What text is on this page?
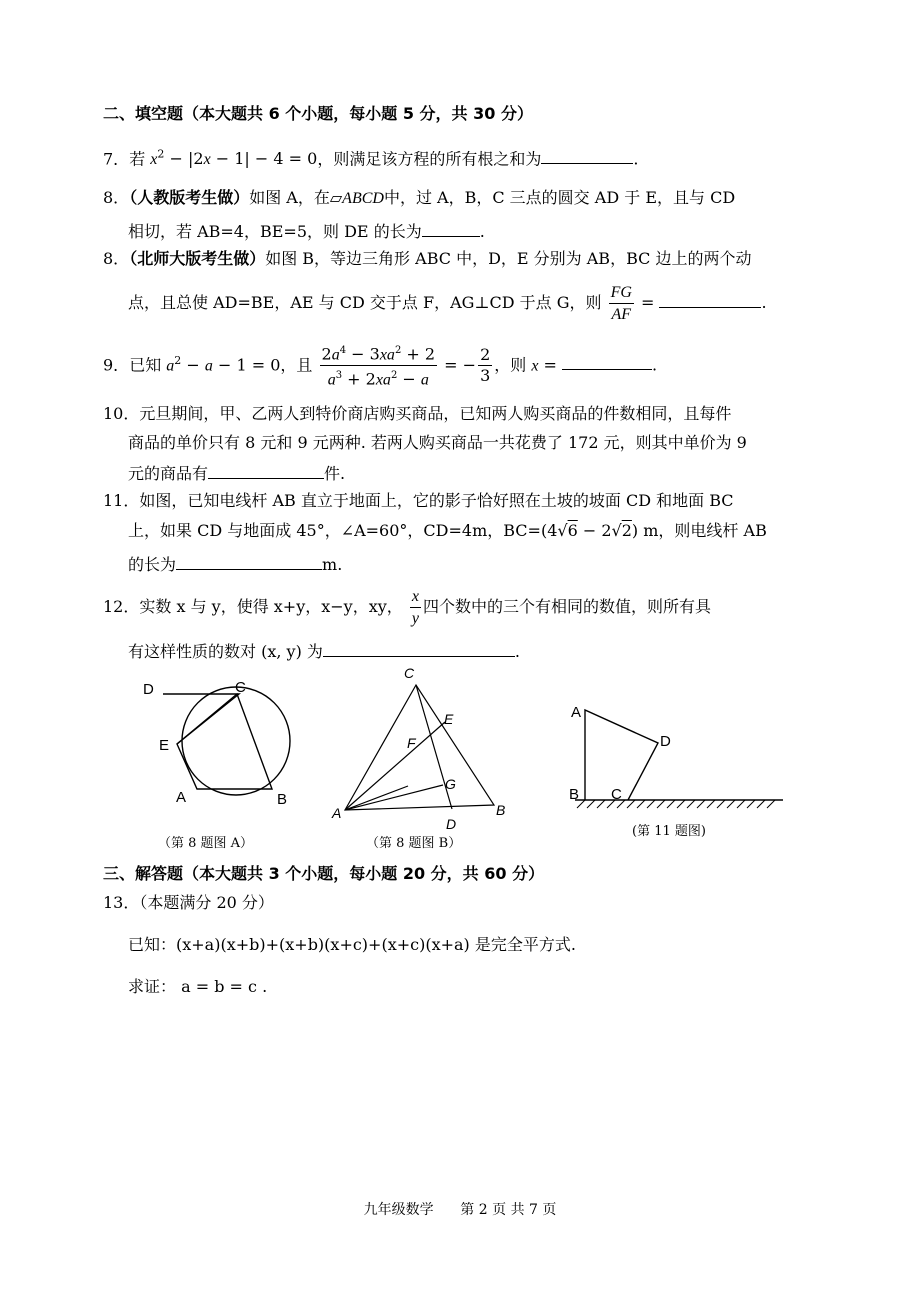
二、填空题（本大题共 6 个小题，每小题 5 分，共 30 分）
7．若 $x^2 - |2x - 1| - 4 = 0$，则满足该方程的所有根之和为	.
8．（人教版考生做）如图 A，在▱ABCD中，过 A，B，C 三点的圆交 AD 于 E，且与 CD
相切，若 AB=4，BE=5，则 DE 的长为	.
8．（北师大版考生做）如图 B，等边三角形 ABC 中，D，E 分别为 AB，BC 边上的两个动
点，且总使 AD=BE，AE 与 CD 交于点 F，AG⊥CD 于点 G，则 $\frac{FG}{AF}$ =	.
9．已知 $a^2 - a - 1 = 0$，且 $\frac{2a^4 - 3xa^2 + 2}{a^3 + 2xa^2 - a}$ = − $\frac{2}{3}$ ，则 x =	.
10．元旦期间，甲、乙两人到特价商店购买商品，已知两人购买商品的件数相同，且每件
商品的单价只有 8 元和 9 元两种. 若两人购买商品一共花费了 172 元，则其中单价为 9
元的商品有	件.
11．如图，已知电线杆 AB 直立于地面上，它的影子恰好照在土坡的坡面 CD 和地面 BC
上，如果 CD 与地面成 45°，∠A=60°，CD=4m，BC=(4√6 − 2√2) m，则电线杆 AB
的长为	m.
12．实数 x 与 y，使得 x+y，x−y，xy， $\frac{x}{y}$ 四个数中的三个有相同的数值，则所有具
有这样性质的数对 (x, y) 为	.
D	C
E
A	B
（第 8 题图 A）
C
E
F
G
A
D
B
（第 8 题图 B）
A
D
B C
(第 11 题图)
三、解答题（本大题共 3 个小题，每小题 20 分，共 60 分）
13．（本题满分 20 分）
已知：(x+a)(x+b)+(x+b)(x+c)+(x+c)(x+a) 是完全平方式.
求证： a = b = c .
九年级数学      第 2 页 共 7 页
